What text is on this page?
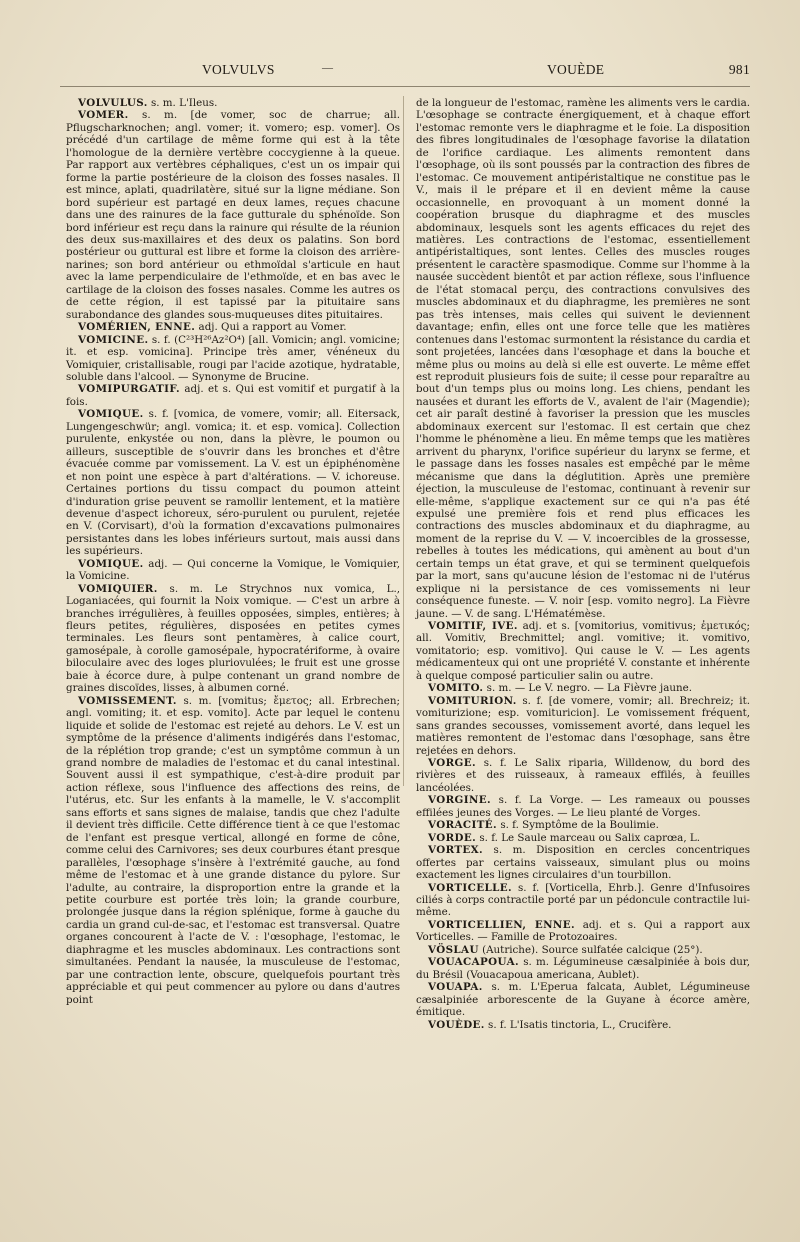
VOLVULVS	—	VOUÈDE	981

VOLVULUS. s. m. L'Ileus.

VOMER. s. m. [de vomer, soc de charrue; all. Pflugscharknochen; angl. vomer; it. vomero; esp. vomer]. Os précédé d'un cartilage de même forme qui est à la tête l'homologue de la dernière vertèbre coccygienne à la queue. Par rapport aux vertèbres céphaliques, c'est un os impair qui forme la partie postérieure de la cloison des fosses nasales. Il est mince, aplati, quadrilatère, situé sur la ligne médiane. Son bord supérieur est partagé en deux lames, reçues chacune dans une des rainures de la face gutturale du sphénoïde. Son bord inférieur est reçu dans la rainure qui résulte de la réunion des deux sus-maxillaires et des deux os palatins. Son bord postérieur ou guttural est libre et forme la cloison des arrière-narines; son bord antérieur ou ethmoïdal s'articule en haut avec la lame perpendiculaire de l'ethmoïde, et en bas avec le cartilage de la cloison des fosses nasales. Comme les autres os de cette région, il est tapissé par la pituitaire sans surabondance des glandes sous-muqueuses dites pituitaires.

VOMÉRIEN, ENNE. adj. Qui a rapport au Vomer.

VOMICINE. s. f. (C²³H²⁶Az²O⁴) [all. Vomicin; angl. vomicine; it. et esp. vomicina]. Principe très amer, vénéneux du Vomiquier, cristallisable, rougi par l'acide azotique, hydratable, soluble dans l'alcool. — Synonyme de Brucine.

VOMIPURGATIF. adj. et s. Qui est vomitif et purgatif à la fois.

VOMIQUE. s. f. [vomica, de vomere, vomir; all. Eitersack, Lungengeschwür; angl. vomica; it. et esp. vomica]. Collection purulente, enkystée ou non, dans la plèvre, le poumon ou ailleurs, susceptible de s'ouvrir dans les bronches et d'être évacuée comme par vomissement. La V. est un épiphénomène et non point une espèce à part d'altérations. — V. ichoreuse. Certaines portions du tissu compact du poumon atteint d'induration grise peuvent se ramollir lentement, et la matière devenue d'aspect ichoreux, séro-purulent ou purulent, rejetée en V. (Corvisart), d'où la formation d'excavations pulmonaires persistantes dans les lobes inférieurs surtout, mais aussi dans les supérieurs.

VOMIQUE. adj. — Qui concerne la Vomique, le Vomiquier, la Vomicine.

VOMIQUIER. s. m. Le Strychnos nux vomica, L., Loganiacées, qui fournit la Noix vomique. — C'est un arbre à branches irrégulières, à feuilles opposées, simples, entières; à fleurs petites, régulières, disposées en petites cymes terminales. Les fleurs sont pentamères, à calice court, gamosépale, à corolle gamosépale, hypocratériforme, à ovaire biloculaire avec des loges pluriovulées; le fruit est une grosse baie à écorce dure, à pulpe contenant un grand nombre de graines discoïdes, lisses, à albumen corné.

VOMISSEMENT. s. m. [vomitus; ἔμετος; all. Erbrechen; angl. vomiting; it. et esp. vomito]. Acte par lequel le contenu liquide et solide de l'estomac est rejeté au dehors. Le V. est un symptôme de la présence d'aliments indigérés dans l'estomac, de la réplétion trop grande; c'est un symptôme commun à un grand nombre de maladies de l'estomac et du canal intestinal. Souvent aussi il est sympathique, c'est-à-dire produit par action réflexe, sous l'influence des affections des reins, de l'utérus, etc. Sur les enfants à la mamelle, le V. s'accomplit sans efforts et sans signes de malaise, tandis que chez l'adulte il devient très difficile. Cette différence tient à ce que l'estomac de l'enfant est presque vertical, allongé en forme de cône, comme celui des Carnivores; ses deux courbures étant presque parallèles, l'œsophage s'insère à l'extrémité gauche, au fond même de l'estomac et à une grande distance du pylore. Sur l'adulte, au contraire, la disproportion entre la grande et la petite courbure est portée très loin; la grande courbure, prolongée jusque dans la région splénique, forme à gauche du cardia un grand cul-de-sac, et l'estomac est transversal. Quatre organes concourent à l'acte de V. : l'œsophage, l'estomac, le diaphragme et les muscles abdominaux. Les contractions sont simultanées. Pendant la nausée, la musculeuse de l'estomac, par une contraction lente, obscure, quelquefois pourtant très appréciable et qui peut commencer au pylore ou dans d'autres point

de la longueur de l'estomac, ramène les aliments vers le cardia. L'œsophage se contracte énergiquement, et à chaque effort l'estomac remonte vers le diaphragme et le foie. La disposition des fibres longitudinales de l'œsophage favorise la dilatation de l'orifice cardiaque. Les aliments remontent dans l'œsophage, où ils sont poussés par la contraction des fibres de l'estomac. Ce mouvement antipéristaltique ne constitue pas le V., mais il le prépare et il en devient même la cause occasionnelle, en provoquant à un moment donné la coopération brusque du diaphragme et des muscles abdominaux, lesquels sont les agents efficaces du rejet des matières. Les contractions de l'estomac, essentiellement antipéristaltiques, sont lentes. Celles des muscles rouges présentent le caractère spasmodique. Comme sur l'homme à la nausée succèdent bientôt et par action réflexe, sous l'influence de l'état stomacal perçu, des contractions convulsives des muscles abdominaux et du diaphragme, les premières ne sont pas très intenses, mais celles qui suivent le deviennent davantage; enfin, elles ont une force telle que les matières contenues dans l'estomac surmontent la résistance du cardia et sont projetées, lancées dans l'œsophage et dans la bouche et même plus ou moins au delà si elle est ouverte. Le même effet est reproduit plusieurs fois de suite; il cesse pour reparaître au bout d'un temps plus ou moins long. Les chiens, pendant les nausées et durant les efforts de V., avalent de l'air (Magendie); cet air paraît destiné à favoriser la pression que les muscles abdominaux exercent sur l'estomac. Il est certain que chez l'homme le phénomène a lieu. En même temps que les matières arrivent du pharynx, l'orifice supérieur du larynx se ferme, et le passage dans les fosses nasales est empêché par le même mécanisme que dans la déglutition. Après une première éjection, la musculeuse de l'estomac, continuant à revenir sur elle-même, s'applique exactement sur ce qui n'a pas été expulsé une première fois et rend plus efficaces les contractions des muscles abdominaux et du diaphragme, au moment de la reprise du V. — V. incoercibles de la grossesse, rebelles à toutes les médications, qui amènent au bout d'un certain temps un état grave, et qui se terminent quelquefois par la mort, sans qu'aucune lésion de l'estomac ni de l'utérus explique ni la persistance de ces vomissements ni leur conséquence funeste. — V. noir [esp. vomito negro]. La Fièvre jaune. — V. de sang. L'Hématémèse.

VOMITIF, IVE. adj. et s. [vomitorius, vomitivus; ἐμετικός; all. Vomitiv, Brechmittel; angl. vomitive; it. vomitivo, vomitatorio; esp. vomitivo]. Qui cause le V. — Les agents médicamenteux qui ont une propriété V. constante et inhérente à quelque composé particulier salin ou autre.

VOMITO. s. m. — Le V. negro. — La Fièvre jaune.

VOMITURION. s. f. [de vomere, vomir; all. Brechreiz; it. vomiturizione; esp. vomituricion]. Le vomissement fréquent, sans grandes secousses, vomissement avorté, dans lequel les matières remontent de l'estomac dans l'œsophage, sans être rejetées en dehors.

VORGE. s. f. Le Salix riparia, Willdenow, du bord des rivières et des ruisseaux, à rameaux effilés, à feuilles lancéolées.

VORGINE. s. f. La Vorge. — Les rameaux ou pousses effilées jeunes des Vorges. — Le lieu planté de Vorges.

VORACITÉ. s. f. Symptôme de la Boulimie.

VORDE. s. f. Le Saule marceau ou Salix caprœa, L.

VORTEX. s. m. Disposition en cercles concentriques offertes par certains vaisseaux, simulant plus ou moins exactement les lignes circulaires d'un tourbillon.

VORTICELLE. s. f. [Vorticella, Ehrb.]. Genre d'Infusoires ciliés à corps contractile porté par un pédoncule contractile lui-même.

VORTICELLIEN, ENNE. adj. et s. Qui a rapport aux Vorticelles. — Famille de Protozoaires.

VÖSLAU (Autriche). Source sulfatée calcique (25°).

VOUACAPOUA. s. m. Légumineuse cæsalpiniée à bois dur, du Brésil (Vouacapoua americana, Aublet).

VOUAPA. s. m. L'Eperua falcata, Aublet, Légumineuse cæsalpiniée arborescente de la Guyane à écorce amère, émitique.

VOUÈDE. s. f. L'Isatis tinctoria, L., Crucifère.
